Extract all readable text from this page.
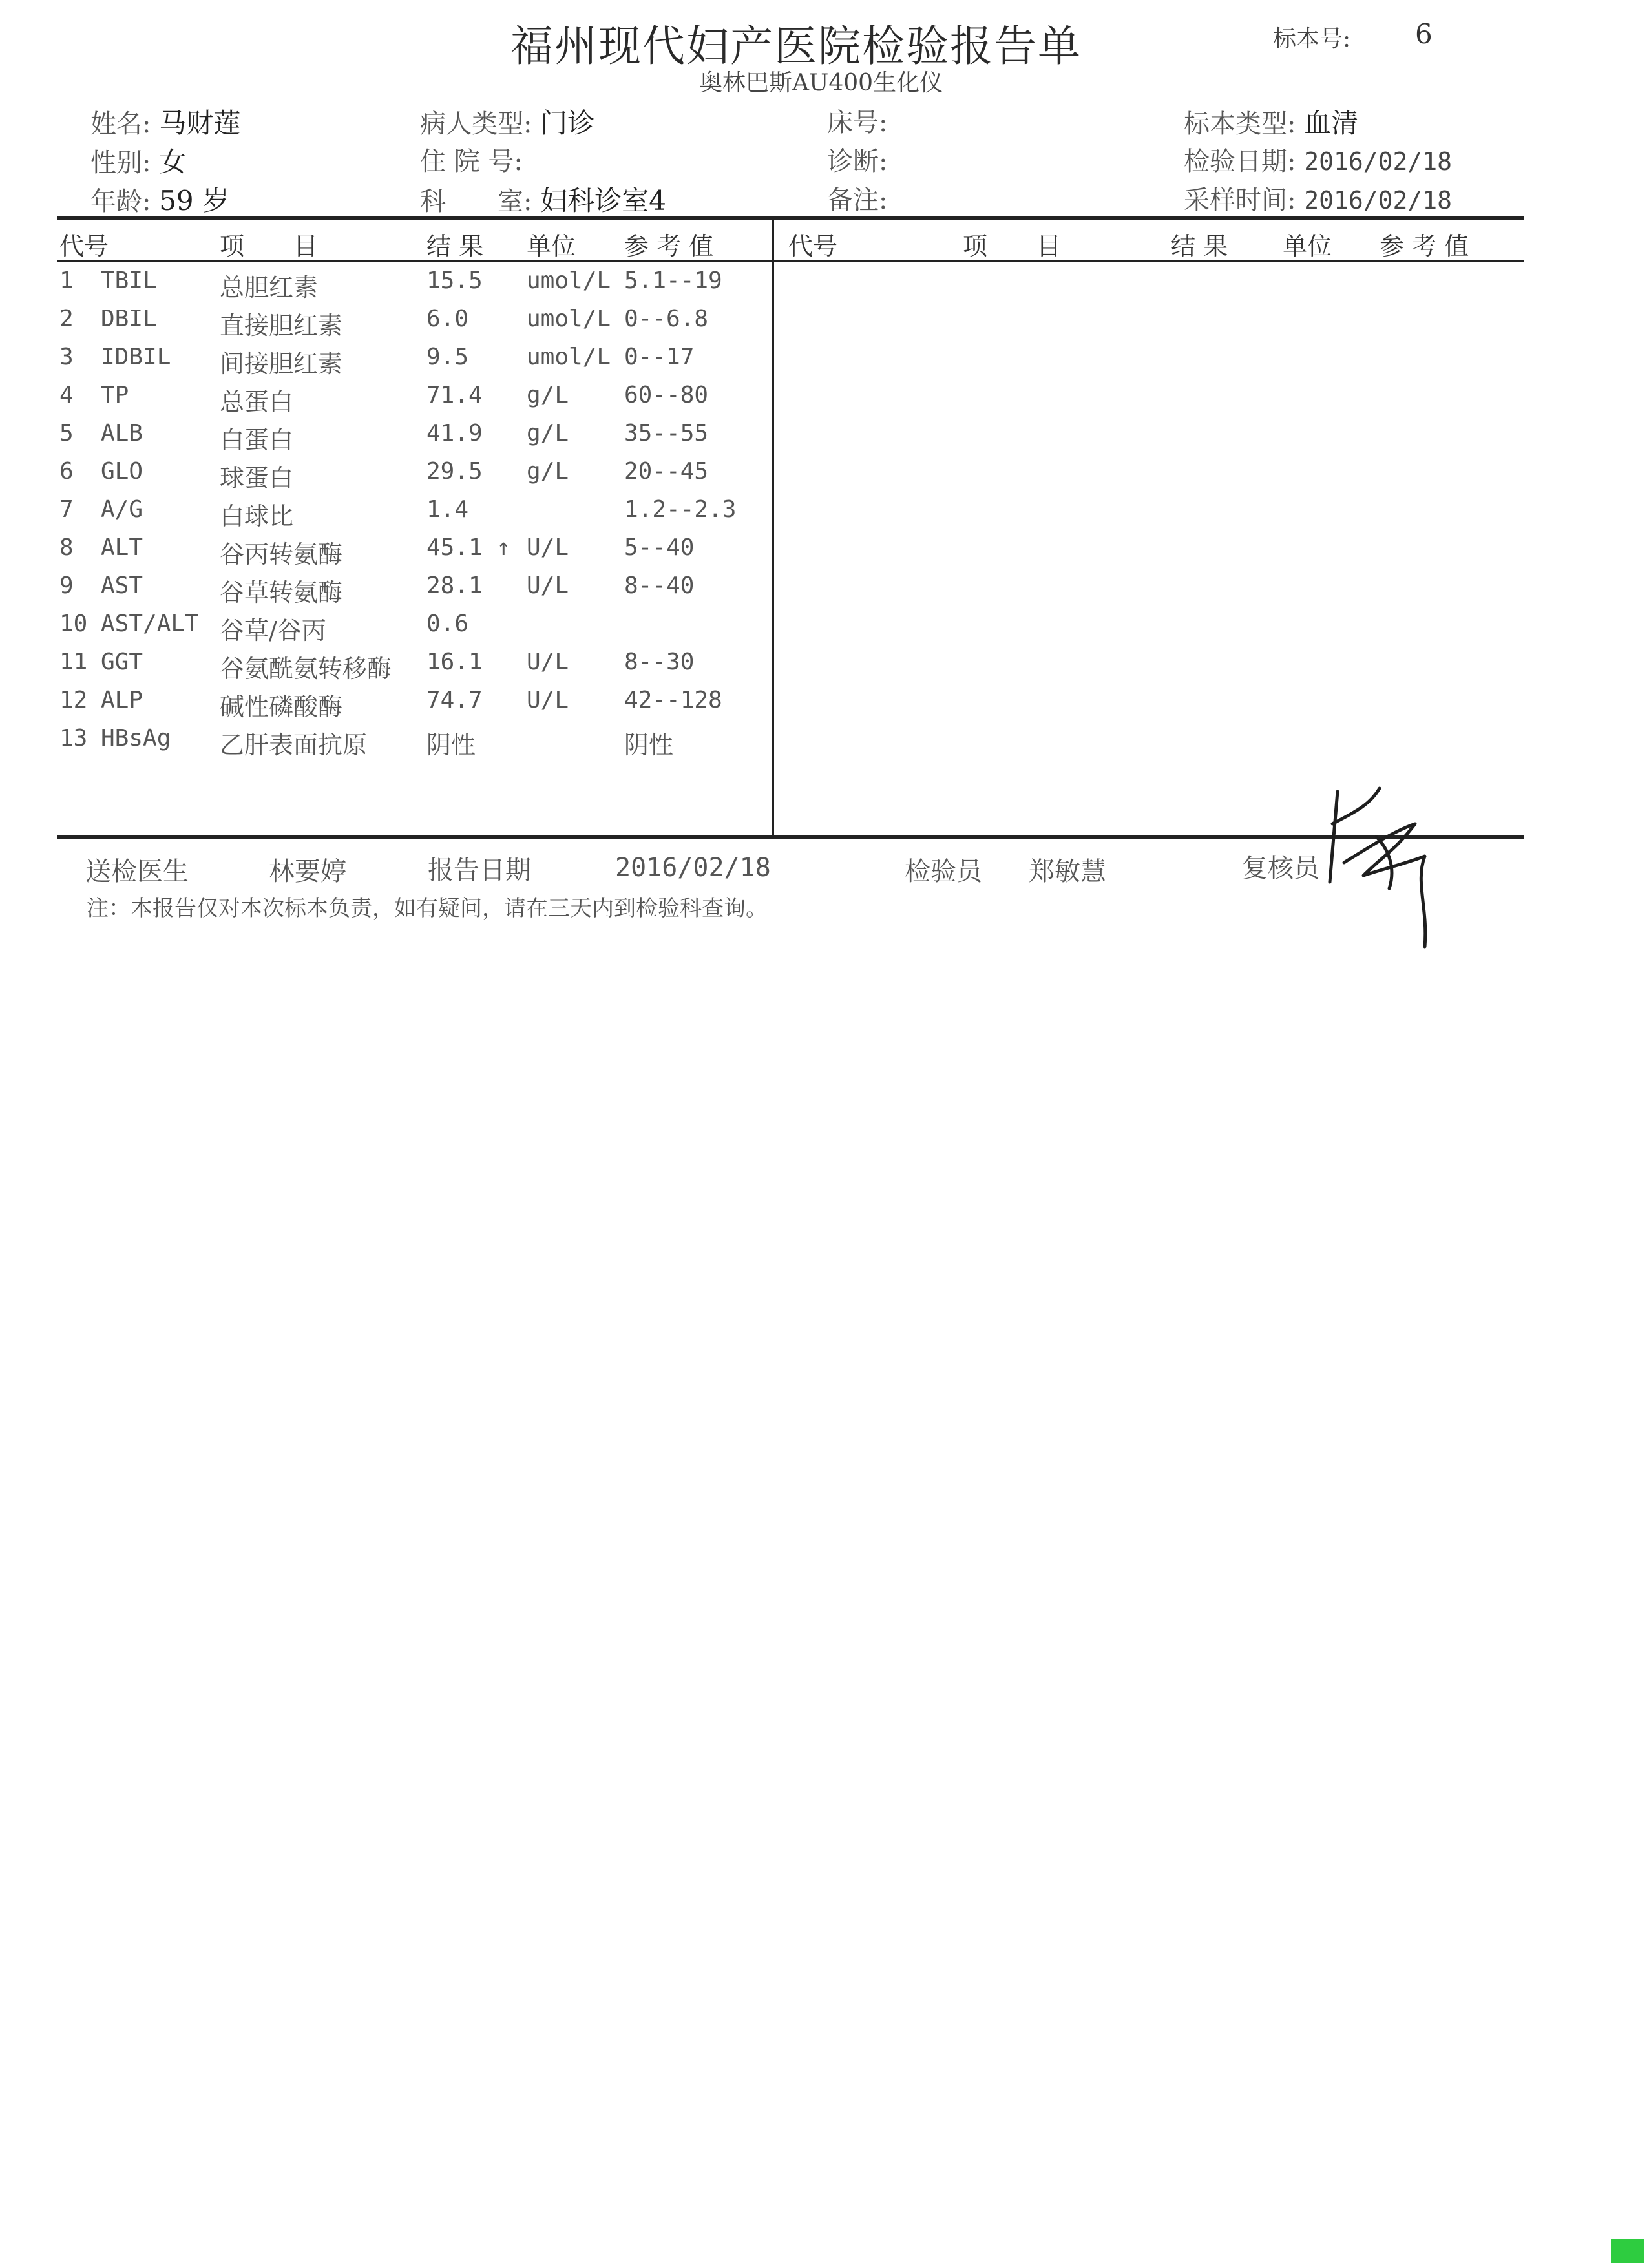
福州现代妇产医院检验报告单
奥林巴斯AU400生化仪
标本号: 6
姓名: 马财莲
性别: 女
年龄: 59 岁
病人类型: 门诊
住 院 号:
科　　室: 妇科诊室4
床号:
诊断:
备注:
标本类型: 血清
检验日期: 2016/02/18
采样时间: 2016/02/18
代号	项　　目	结 果 单位 参 考 值	代号	项　　目	结 果 单位 参 考 值
1 TBIL	总胆红素	15.5 umol/L 5.1--19
2 DBIL	直接胆红素	6.0 umol/L 0--6.8
3 IDBIL 间接胆红素	9.5 umol/L 0--17
4 TP	总蛋白	71.4 g/L 60--80
5 ALB	白蛋白	41.9 g/L 35--55
6 GLO	球蛋白	29.5 g/L 20--45
7 A/G	白球比	1.4	1.2--2.3
8 ALT	谷丙转氨酶	45.1 ↑ U/L 5--40
9 AST	谷草转氨酶	28.1 U/L 8--40
10 AST/ALT 谷草/谷丙	0.6
11 GGT	谷氨酰氨转移酶 16.1 U/L 8--30
12 ALP	碱性磷酸酶	74.7 U/L 42--128
13 HBsAg 乙肝表面抗原 阴性	阴性
送检医生	林要婷	报告日期	2016/02/18	检验员 郑敏慧	复核员
注：本报告仅对本次标本负责，如有疑问，请在三天内到检验科查询。
